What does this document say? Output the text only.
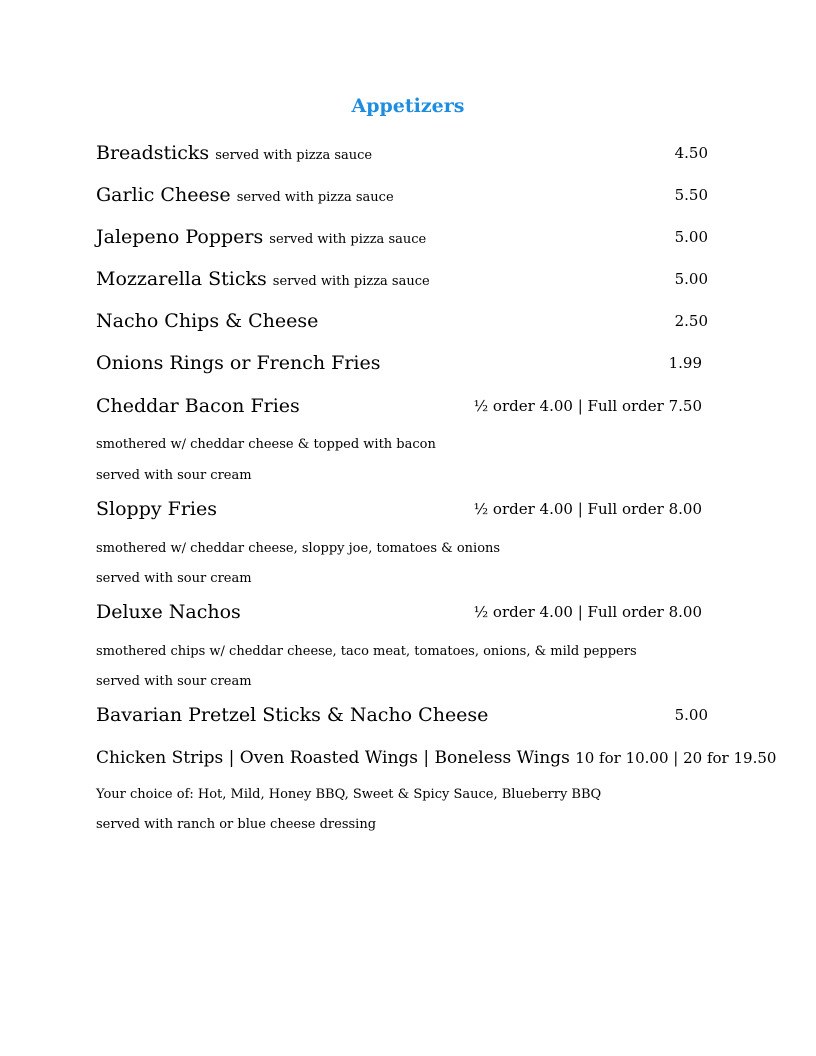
Appetizers
Breadsticks served with pizza sauce	4.50
Garlic Cheese served with pizza sauce	5.50
Jalepeno Poppers served with pizza sauce	5.00
Mozzarella Sticks served with pizza sauce	5.00
Nacho Chips & Cheese	2.50
Onions Rings or French Fries	1.99
Cheddar Bacon Fries	½ order 4.00 | Full order 7.50
smothered w/ cheddar cheese & topped with bacon
served with sour cream
Sloppy Fries	½ order 4.00 | Full order 8.00
smothered w/ cheddar cheese, sloppy joe, tomatoes & onions
served with sour cream
Deluxe Nachos	½ order 4.00 | Full order 8.00
smothered chips w/ cheddar cheese, taco meat, tomatoes, onions, & mild peppers
served with sour cream
Bavarian Pretzel Sticks & Nacho Cheese	5.00
Chicken Strips | Oven Roasted Wings | Boneless Wings 10 for 10.00 | 20 for 19.50
Your choice of: Hot, Mild, Honey BBQ, Sweet & Spicy Sauce, Blueberry BBQ
served with ranch or blue cheese dressing
